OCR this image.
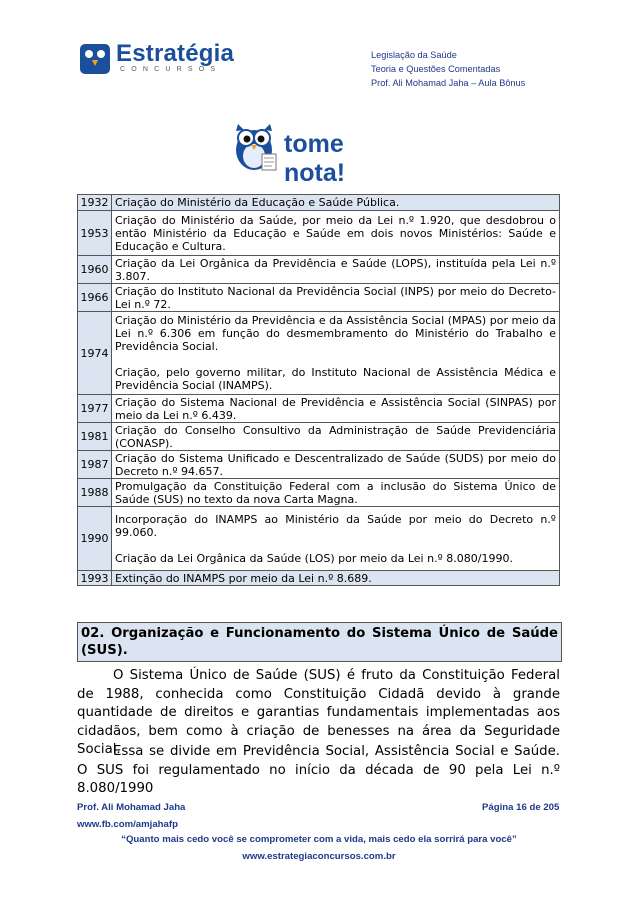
Estratégia
CONCURSOS
Legislação da Saúde
Teoria e Questões Comentadas
Prof. Ali Mohamad Jaha – Aula Bônus
tome nota!
1932	Criação do Ministério da Educação e Saúde Pública.
1953	Criação do Ministério da Saúde, por meio da Lei n.º 1.920, que desdobrou o então Ministério da Educação e Saúde em dois novos Ministérios: Saúde e Educação e Cultura.
1960	Criação da Lei Orgânica da Previdência e Saúde (LOPS), instituída pela Lei n.º 3.807.
1966	Criação do Instituto Nacional da Previdência Social (INPS) por meio do Decreto-Lei n.º 72.
1974	Criação do Ministério da Previdência e da Assistência Social (MPAS) por meio da Lei n.º 6.306 em função do desmembramento do Ministério do Trabalho e Previdência Social.
Criação, pelo governo militar, do Instituto Nacional de Assistência Médica e Previdência Social (INAMPS).
1977	Criação do Sistema Nacional de Previdência e Assistência Social (SINPAS) por meio da Lei n.º 6.439.
1981	Criação do Conselho Consultivo da Administração de Saúde Previdenciária (CONASP).
1987	Criação do Sistema Unificado e Descentralizado de Saúde (SUDS) por meio do Decreto n.º 94.657.
1988	Promulgação da Constituição Federal com a inclusão do Sistema Único de Saúde (SUS) no texto da nova Carta Magna.
1990	Incorporação do INAMPS ao Ministério da Saúde por meio do Decreto n.º 99.060.
Criação da Lei Orgânica da Saúde (LOS) por meio da Lei n.º 8.080/1990.
1993	Extinção do INAMPS por meio da Lei n.º 8.689.
02. Organização e Funcionamento do Sistema Único de Saúde (SUS).
O Sistema Único de Saúde (SUS) é fruto da Constituição Federal de 1988, conhecida como Constituição Cidadã devido à grande quantidade de direitos e garantias fundamentais implementadas aos cidadãos, bem como à criação de benesses na área da Seguridade Social.
Essa se divide em Previdência Social, Assistência Social e Saúde. O SUS foi regulamentado no início da década de 90 pela Lei n.º 8.080/1990
Prof. Ali Mohamad Jaha
www.fb.com/amjahafp
Página 16 de 205
“Quanto mais cedo você se comprometer com a vida, mais cedo ela sorrirá para você”
www.estrategiaconcursos.com.br
